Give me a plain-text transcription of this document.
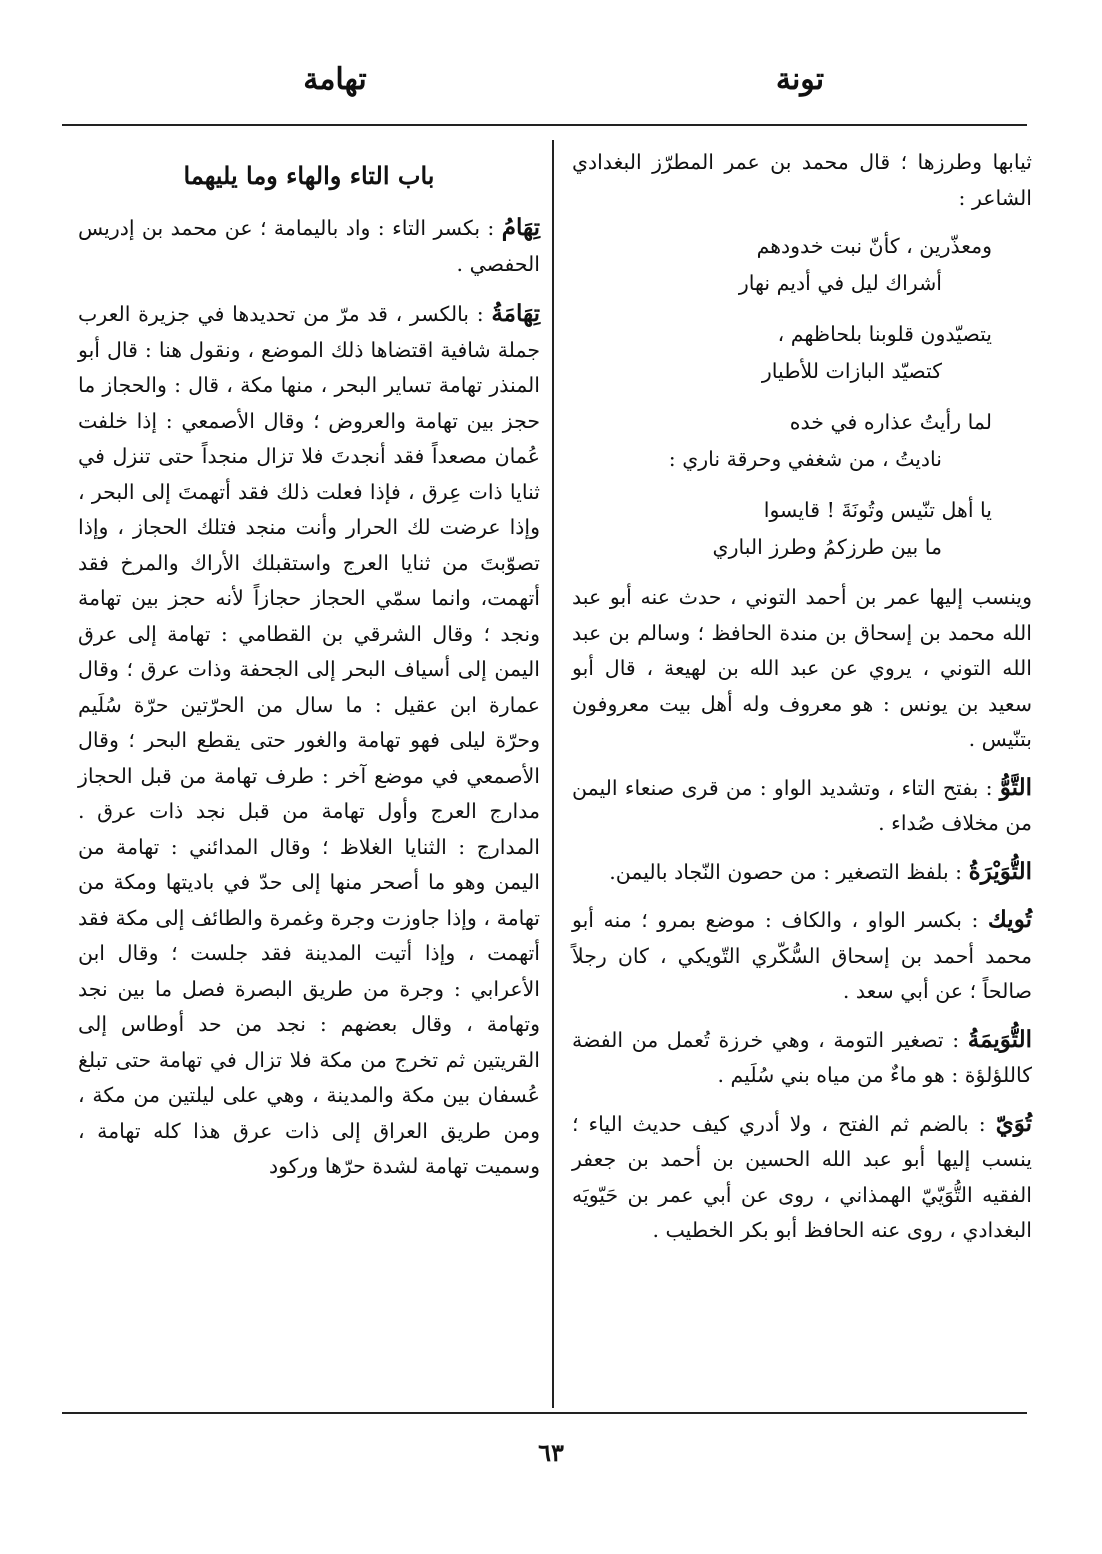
تونة
تهامة

ثيابها وطرزها ؛ قال محمد بن عمر المطرّز البغدادي الشاعر :

ومعذّرين ، كأنّ نبت خدودهم
أشراك ليل في أديم نهار
يتصيّدون قلوبنا بلحاظهم ،
كتصيّد البازات للأطيار
لما رأيتُ عذاره في خده
ناديتُ ، من شغفي وحرقة ناري :
يا أهل تنّيس وتُونَةَ ! قايسوا
ما بين طرزكمُ وطرز الباري

وينسب إليها عمر بن أحمد التوني ، حدث عنه أبو عبد الله محمد بن إسحاق بن مندة الحافظ ؛ وسالم بن عبد الله التوني ، يروي عن عبد الله بن لهيعة ، قال أبو سعيد بن يونس : هو معروف وله أهل بيت معروفون بتنّيس .

التَّوُّ : بفتح التاء ، وتشديد الواو : من قرى صنعاء اليمن من مخلاف صُداء .

التُّوَيْرَةُ : بلفظ التصغير : من حصون النّجاد باليمن.

تُويك : بكسر الواو ، والكاف : موضع بمرو ؛ منه أبو محمد أحمد بن إسحاق السُّكّري التّويكي ، كان رجلاً صالحاً ؛ عن أبي سعد .

التُّوَيمَةُ : تصغير التومة ، وهي خرزة تُعمل من الفضة كاللؤلؤة : هو ماءٌ من مياه بني سُلَيم .

تُوَيّ : بالضم ثم الفتح ، ولا أدري كيف حديث الياء ؛ ينسب إليها أبو عبد الله الحسين بن أحمد بن جعفر الفقيه التُّوَيّيّ الهمذاني ، روى عن أبي عمر بن حَيّويَه البغدادي ، روى عنه الحافظ أبو بكر الخطيب .

باب التاء والهاء وما يليهما

تِهَامُ : بكسر التاء : واد باليمامة ؛ عن محمد بن إدريس الحفصي .

تِهَامَةُ : بالكسر ، قد مرّ من تحديدها في جزيرة العرب جملة شافية اقتضاها ذلك الموضع ، ونقول هنا : قال أبو المنذر تهامة تساير البحر ، منها مكة ، قال : والحجاز ما حجز بين تهامة والعروض ؛ وقال الأصمعي : إذا خلفت عُمان مصعداً فقد أنجدتَ فلا تزال منجداً حتى تنزل في ثنايا ذات عِرق ، فإذا فعلت ذلك فقد أتهمتَ إلى البحر ، وإذا عرضت لك الحرار وأنت منجد فتلك الحجاز ، وإذا تصوّبتَ من ثنايا العرج واستقبلك الأراك والمرخ فقد أتهمت، وانما سمّي الحجاز حجازاً لأنه حجز بين تهامة ونجد ؛ وقال الشرقي بن القطامي : تهامة إلى عرق اليمن إلى أسياف البحر إلى الجحفة وذات عرق ؛ وقال عمارة ابن عقيل : ما سال من الحرّتين حرّة سُلَيم وحرّة ليلى فهو تهامة والغور حتى يقطع البحر ؛ وقال الأصمعي في موضع آخر : طرف تهامة من قبل الحجاز مدارج العرج وأول تهامة من قبل نجد ذات عرق . المدارج : الثنايا الغلاظ ؛ وقال المدائني : تهامة من اليمن وهو ما أصحر منها إلى حدّ في باديتها ومكة من تهامة ، وإذا جاوزت وجرة وغمرة والطائف إلى مكة فقد أتهمت ، وإذا أتيت المدينة فقد جلست ؛ وقال ابن الأعرابي : وجرة من طريق البصرة فصل ما بين نجد وتهامة ، وقال بعضهم : نجد من حد أوطاس إلى القريتين ثم تخرج من مكة فلا تزال في تهامة حتى تبلغ عُسفان بين مكة والمدينة ، وهي على ليلتين من مكة ، ومن طريق العراق إلى ذات عرق هذا كله تهامة ، وسميت تهامة لشدة حرّها وركود

٦٣
